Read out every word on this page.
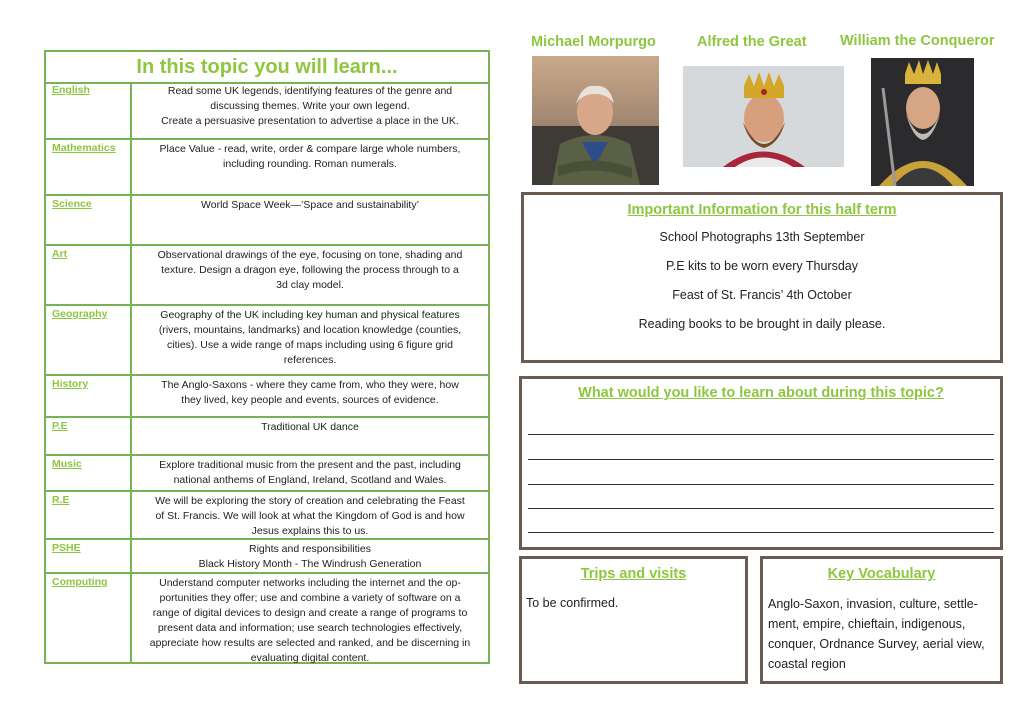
In this topic you will learn...
English	Read some UK legends, identifying features of the genre and
discussing themes. Write your own legend.
Create a persuasive presentation to advertise a place in the UK.
Mathematics	Place Value - read, write, order & compare large whole numbers,
including rounding. Roman numerals.
Science	World Space Week—’Space and sustainability’
Art	Observational drawings of the eye, focusing on tone, shading and
texture. Design a dragon eye, following the process through to a
3d clay model.
Geography	Geography of the UK including key human and physical features
(rivers, mountains, landmarks) and location knowledge (counties,
cities). Use a wide range of maps including using 6 figure grid
references.
History	The Anglo-Saxons - where they came from, who they were, how
they lived, key people and events, sources of evidence.
P.E	Traditional UK dance
Music	Explore traditional music from the present and the past, including
national anthems of England, Ireland, Scotland and Wales.
R.E	We will be exploring the story of creation and celebrating the Feast
of St. Francis. We will look at what the Kingdom of God is and how
Jesus explains this to us.
PSHE	Rights and responsibilities
Black History Month - The Windrush Generation
Computing	Understand computer networks including the internet and the op-
portunities they offer; use and combine a variety of software on a
range of digital devices to design and create a range of programs to
present data and information; use search technologies effectively,
appreciate how results are selected and ranked, and be discerning in
evaluating digital content.
Michael Morpurgo	Alfred the Great William the Conqueror
Important Information for this half term
School Photographs 13th September
P.E kits to be worn every Thursday
Feast of St. Francis’ 4th October
Reading books to be brought in daily please.
What would you like to learn about during this topic?
Trips and visits
To be confirmed.
Key Vocabulary
Anglo-Saxon, invasion, culture, settle-
ment, empire, chieftain, indigenous,
conquer, Ordnance Survey, aerial view,
coastal region
